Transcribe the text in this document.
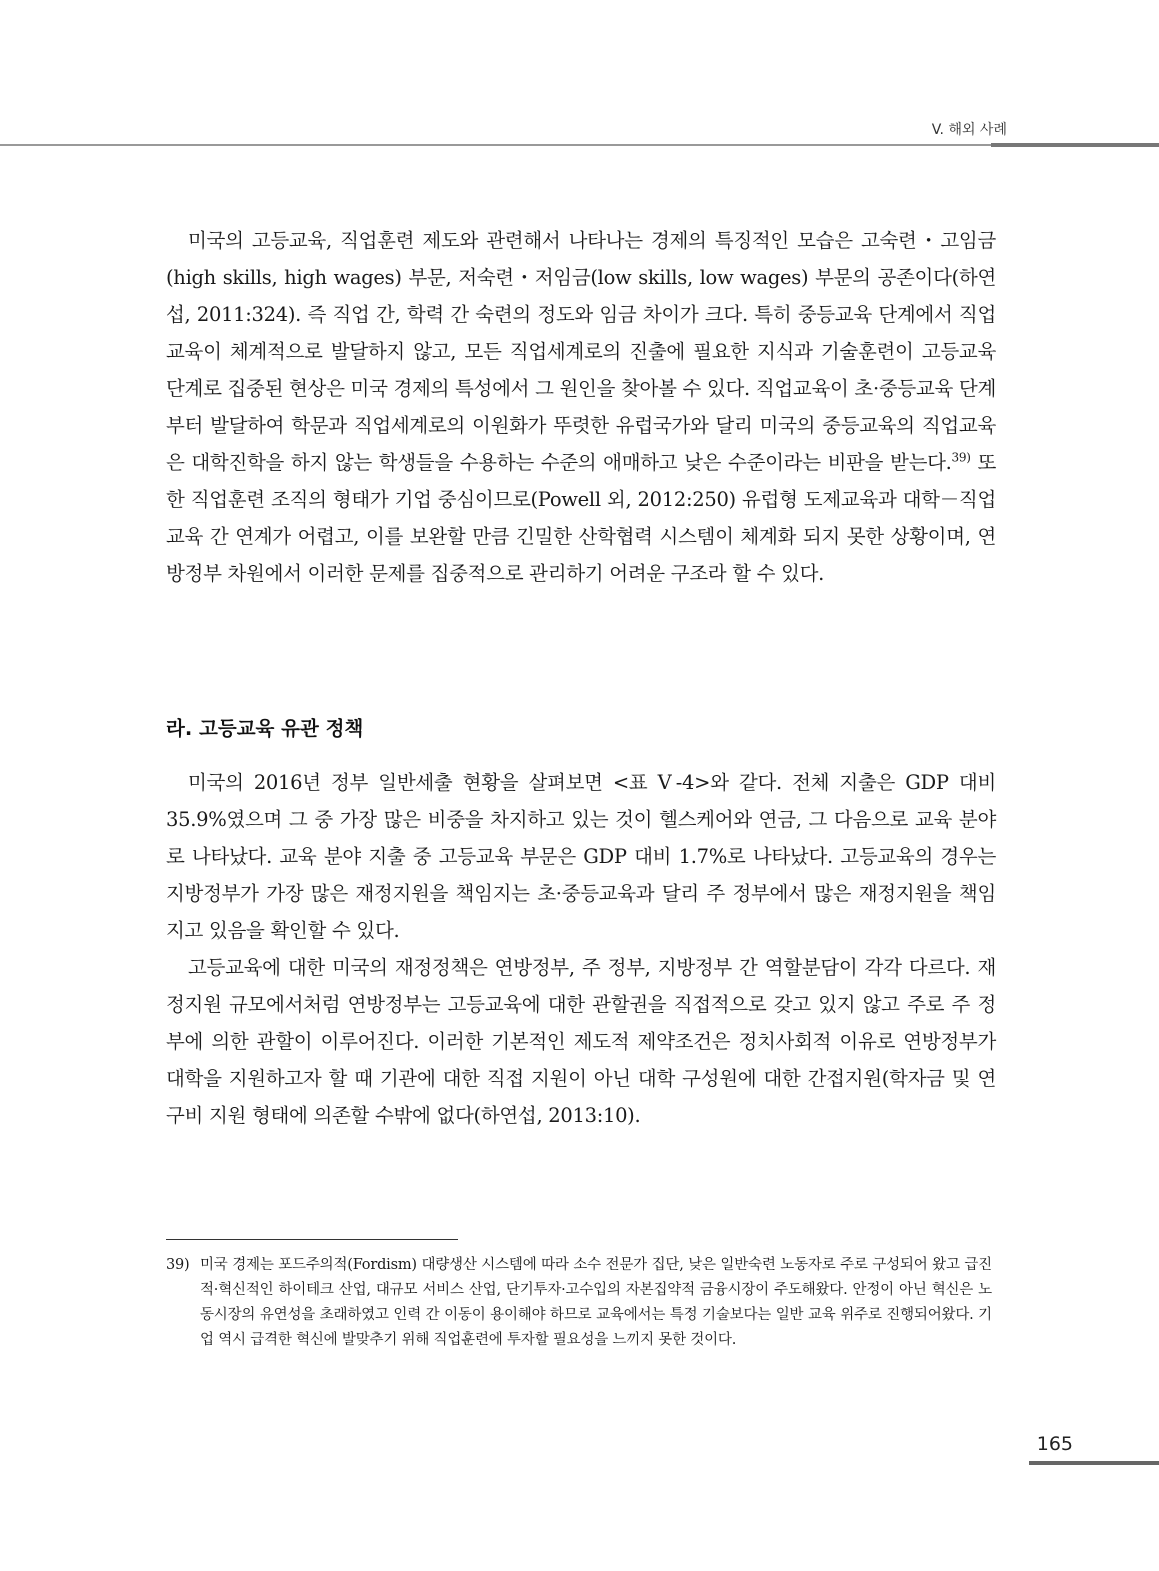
V. 해외 사례

미국의 고등교육, 직업훈련 제도와 관련해서 나타나는 경제의 특징적인 모습은 고숙련・고임금(high skills, high wages) 부문, 저숙련・저임금(low skills, low wages) 부문의 공존이다(하연섭, 2011:324). 즉 직업 간, 학력 간 숙련의 정도와 임금 차이가 크다. 특히 중등교육 단계에서 직업교육이 체계적으로 발달하지 않고, 모든 직업세계로의 진출에 필요한 지식과 기술훈련이 고등교육 단계로 집중된 현상은 미국 경제의 특성에서 그 원인을 찾아볼 수 있다. 직업교육이 초·중등교육 단계부터 발달하여 학문과 직업세계로의 이원화가 뚜렷한 유럽국가와 달리 미국의 중등교육의 직업교육은 대학진학을 하지 않는 학생들을 수용하는 수준의 애매하고 낮은 수준이라는 비판을 받는다.$^{39)}$ 또한 직업훈련 조직의 형태가 기업 중심이므로(Powell 외, 2012:250) 유럽형 도제교육과 대학－직업교육 간 연계가 어렵고, 이를 보완할 만큼 긴밀한 산학협력 시스템이 체계화 되지 못한 상황이며, 연방정부 차원에서 이러한 문제를 집중적으로 관리하기 어려운 구조라 할 수 있다.

라. 고등교육 유관 정책

미국의 2016년 정부 일반세출 현황을 살펴보면 <표 Ⅴ-4>와 같다. 전체 지출은 GDP 대비 35.9%였으며 그 중 가장 많은 비중을 차지하고 있는 것이 헬스케어와 연금, 그 다음으로 교육 분야로 나타났다. 교육 분야 지출 중 고등교육 부문은 GDP 대비 1.7%로 나타났다. 고등교육의 경우는 지방정부가 가장 많은 재정지원을 책임지는 초·중등교육과 달리 주 정부에서 많은 재정지원을 책임지고 있음을 확인할 수 있다.

고등교육에 대한 미국의 재정정책은 연방정부, 주 정부, 지방정부 간 역할분담이 각각 다르다. 재정지원 규모에서처럼 연방정부는 고등교육에 대한 관할권을 직접적으로 갖고 있지 않고 주로 주 정부에 의한 관할이 이루어진다. 이러한 기본적인 제도적 제약조건은 정치사회적 이유로 연방정부가 대학을 지원하고자 할 때 기관에 대한 직접 지원이 아닌 대학 구성원에 대한 간접지원(학자금 및 연구비 지원 형태에 의존할 수밖에 없다(하연섭, 2013:10).

39) 미국 경제는 포드주의적(Fordism) 대량생산 시스템에 따라 소수 전문가 집단, 낮은 일반숙련 노동자로 주로 구성되어 왔고 급진적·혁신적인 하이테크 산업, 대규모 서비스 산업, 단기투자·고수입의 자본집약적 금융시장이 주도해왔다. 안정이 아닌 혁신은 노동시장의 유연성을 초래하였고 인력 간 이동이 용이해야 하므로 교육에서는 특정 기술보다는 일반 교육 위주로 진행되어왔다. 기업 역시 급격한 혁신에 발맞추기 위해 직업훈련에 투자할 필요성을 느끼지 못한 것이다.

165
